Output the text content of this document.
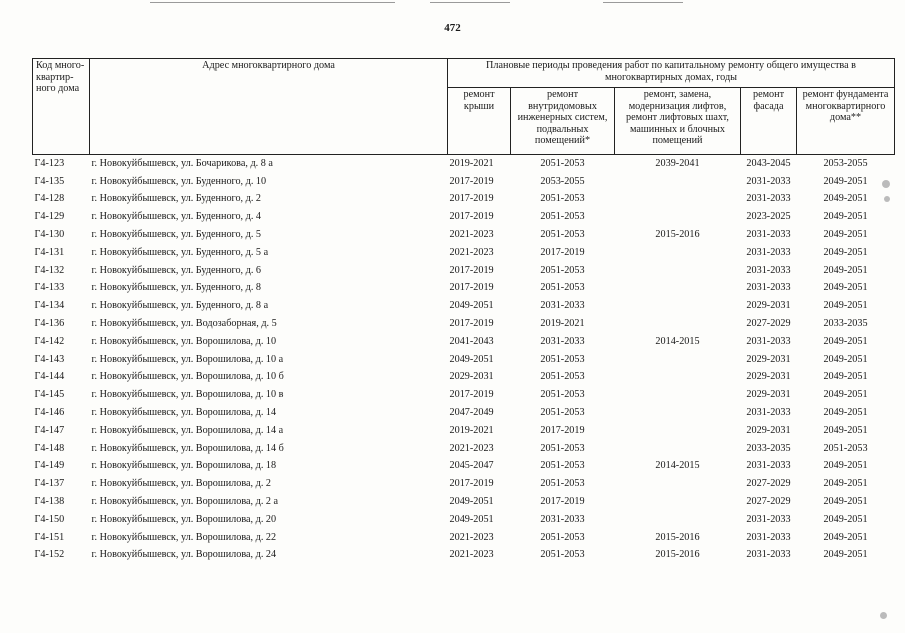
472
Код много-квартир-ного дома	Адрес многоквартирного дома	Плановые периоды проведения работ по капитальному ремонту общего имущества в многоквартирных домах, годы				
		ремонт крыши	ремонт внутридомовых инженерных систем, подвальных помещений*	ремонт, замена, модернизация лифтов, ремонт лифтовых шахт, машинных и блочных помещений	ремонт фасада	ремонт фундамента многоквартирного дома**
Г4-123	г. Новокуйбышевск, ул. Бочарикова, д. 8 а	2019-2021	2051-2053	2039-2041	2043-2045	2053-2055
Г4-135	г. Новокуйбышевск, ул. Буденного, д. 10	2017-2019	2053-2055		2031-2033	2049-2051
Г4-128	г. Новокуйбышевск, ул. Буденного, д. 2	2017-2019	2051-2053		2031-2033	2049-2051
Г4-129	г. Новокуйбышевск, ул. Буденного, д. 4	2017-2019	2051-2053		2023-2025	2049-2051
Г4-130	г. Новокуйбышевск, ул. Буденного, д. 5	2021-2023	2051-2053	2015-2016	2031-2033	2049-2051
Г4-131	г. Новокуйбышевск, ул. Буденного, д. 5 а	2021-2023	2017-2019		2031-2033	2049-2051
Г4-132	г. Новокуйбышевск, ул. Буденного, д. 6	2017-2019	2051-2053		2031-2033	2049-2051
Г4-133	г. Новокуйбышевск, ул. Буденного, д. 8	2017-2019	2051-2053		2031-2033	2049-2051
Г4-134	г. Новокуйбышевск, ул. Буденного, д. 8 а	2049-2051	2031-2033		2029-2031	2049-2051
Г4-136	г. Новокуйбышевск, ул. Водозаборная, д. 5	2017-2019	2019-2021		2027-2029	2033-2035
Г4-142	г. Новокуйбышевск, ул. Ворошилова, д. 10	2041-2043	2031-2033	2014-2015	2031-2033	2049-2051
Г4-143	г. Новокуйбышевск, ул. Ворошилова, д. 10 а	2049-2051	2051-2053		2029-2031	2049-2051
Г4-144	г. Новокуйбышевск, ул. Ворошилова, д. 10 б	2029-2031	2051-2053		2029-2031	2049-2051
Г4-145	г. Новокуйбышевск, ул. Ворошилова, д. 10 в	2017-2019	2051-2053		2029-2031	2049-2051
Г4-146	г. Новокуйбышевск, ул. Ворошилова, д. 14	2047-2049	2051-2053		2031-2033	2049-2051
Г4-147	г. Новокуйбышевск, ул. Ворошилова, д. 14 а	2019-2021	2017-2019		2029-2031	2049-2051
Г4-148	г. Новокуйбышевск, ул. Ворошилова, д. 14 б	2021-2023	2051-2053		2033-2035	2051-2053
Г4-149	г. Новокуйбышевск, ул. Ворошилова, д. 18	2045-2047	2051-2053	2014-2015	2031-2033	2049-2051
Г4-137	г. Новокуйбышевск, ул. Ворошилова, д. 2	2017-2019	2051-2053		2027-2029	2049-2051
Г4-138	г. Новокуйбышевск, ул. Ворошилова, д. 2 а	2049-2051	2017-2019		2027-2029	2049-2051
Г4-150	г. Новокуйбышевск, ул. Ворошилова, д. 20	2049-2051	2031-2033		2031-2033	2049-2051
Г4-151	г. Новокуйбышевск, ул. Ворошилова, д. 22	2021-2023	2051-2053	2015-2016	2031-2033	2049-2051
Г4-152	г. Новокуйбышевск, ул. Ворошилова, д. 24	2021-2023	2051-2053	2015-2016	2031-2033	2049-2051
